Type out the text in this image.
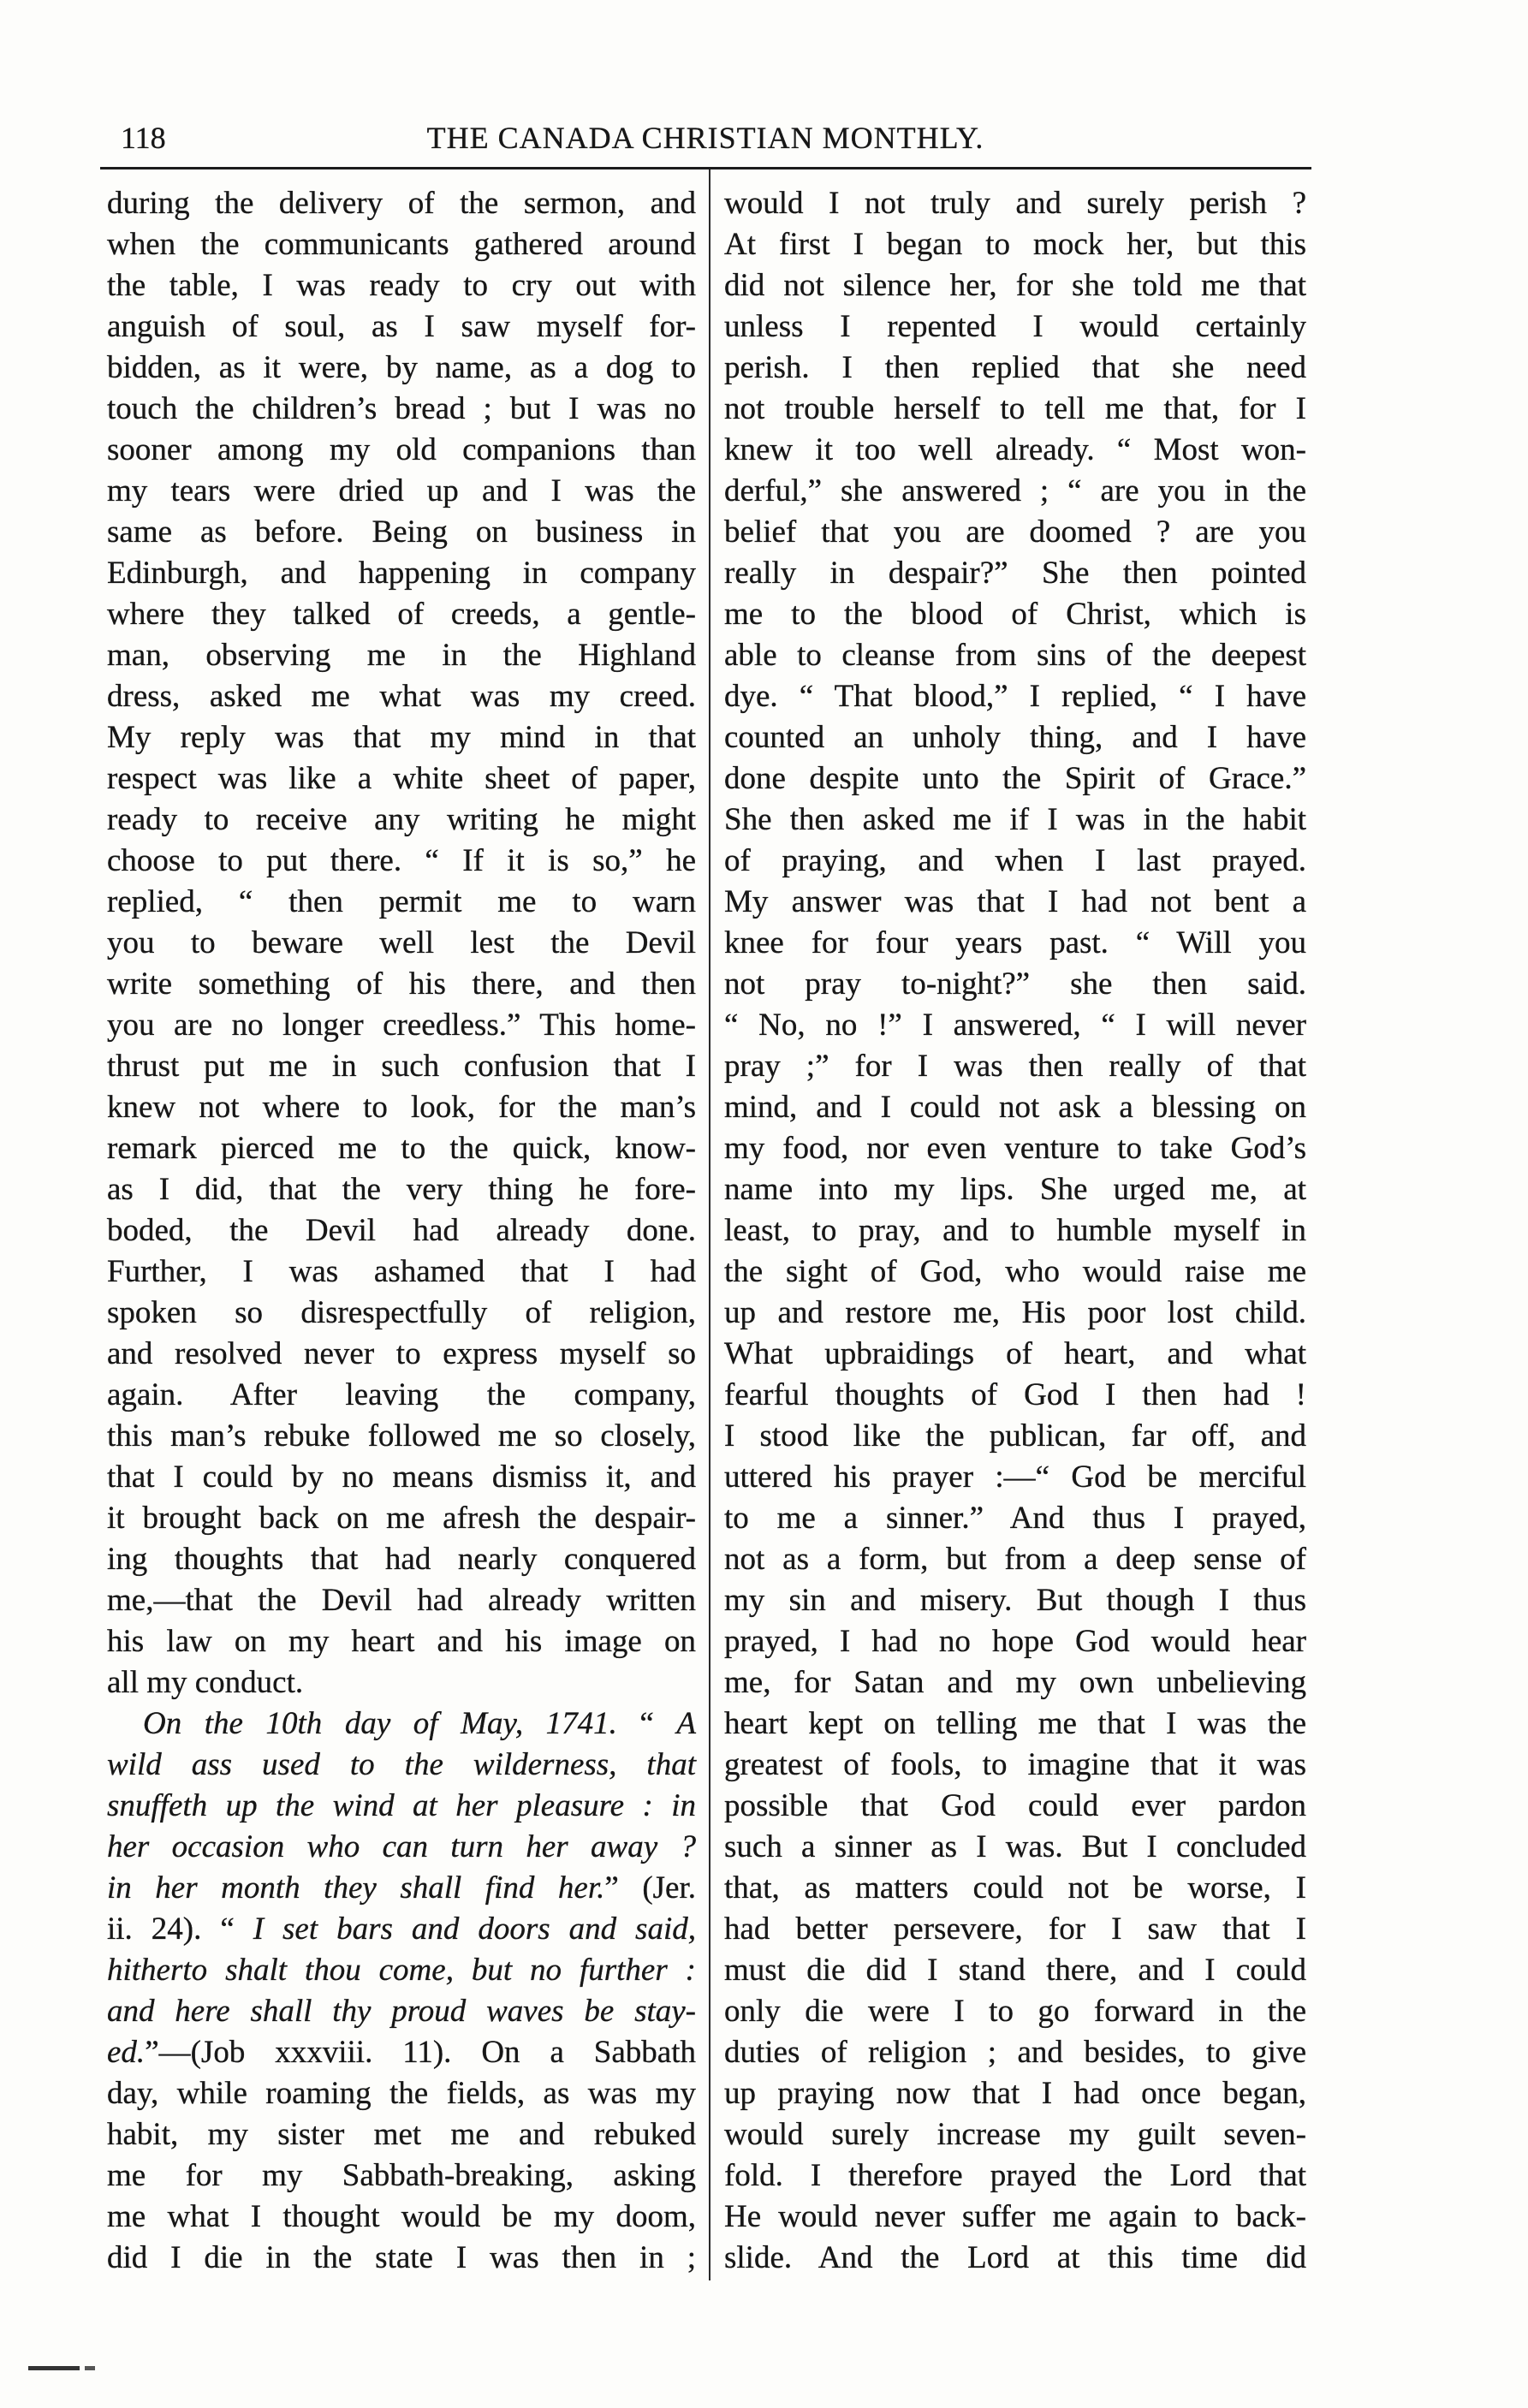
118	THE CANADA CHRISTIAN MONTHLY.
during the delivery of the sermon, and
when the communicants gathered around
the table, I was ready to cry out with
anguish of soul, as I saw myself for-
bidden, as it were, by name, as a dog to
touch the children’s bread ; but I was no
sooner among my old companions than
my tears were dried up and I was the
same as before. Being on business in
Edinburgh, and happening in company
where they talked of creeds, a gentle-
man, observing me in the Highland
dress, asked me what was my creed.
My reply was that my mind in that
respect was like a white sheet of paper,
ready to receive any writing he might
choose to put there. “ If it is so,” he
replied, “ then permit me to warn
you to beware well lest the Devil
write something of his there, and then
you are no longer creedless.” This home-
thrust put me in such confusion that I
knew not where to look, for the man’s
remark pierced me to the quick, know-
as I did, that the very thing he fore-
boded, the Devil had already done.
Further, I was ashamed that I had
spoken so disrespectfully of religion,
and resolved never to express myself so
again. After leaving the company,
this man’s rebuke followed me so closely,
that I could by no means dismiss it, and
it brought back on me afresh the despair-
ing thoughts that had nearly conquered
me,—that the Devil had already written
his law on my heart and his image on
all my conduct.
On the 10th day of May, 1741. “ A
wild ass used to the wilderness, that
snuffeth up the wind at her pleasure : in
her occasion who can turn her away ?
in her month they shall find her.” (Jer.
ii. 24). “ I set bars and doors and said,
hitherto shalt thou come, but no further :
and here shall thy proud waves be stay-
ed.”—(Job xxxviii. 11). On a Sabbath
day, while roaming the fields, as was my
habit, my sister met me and rebuked
me for my Sabbath-breaking, asking
me what I thought would be my doom,
did I die in the state I was then in ;
would I not truly and surely perish ?
At first I began to mock her, but this
did not silence her, for she told me that
unless I repented I would certainly
perish. I then replied that she need
not trouble herself to tell me that, for I
knew it too well already. “ Most won-
derful,” she answered ; “ are you in the
belief that you are doomed ? are you
really in despair?” She then pointed
me to the blood of Christ, which is
able to cleanse from sins of the deepest
dye. “ That blood,” I replied, “ I have
counted an unholy thing, and I have
done despite unto the Spirit of Grace.”
She then asked me if I was in the habit
of praying, and when I last prayed.
My answer was that I had not bent a
knee for four years past. “ Will you
not pray to-night?” she then said.
“ No, no !” I answered, “ I will never
pray ;” for I was then really of that
mind, and I could not ask a blessing on
my food, nor even venture to take God’s
name into my lips. She urged me, at
least, to pray, and to humble myself in
the sight of God, who would raise me
up and restore me, His poor lost child.
What upbraidings of heart, and what
fearful thoughts of God I then had !
I stood like the publican, far off, and
uttered his prayer :—“ God be merciful
to me a sinner.” And thus I prayed,
not as a form, but from a deep sense of
my sin and misery. But though I thus
prayed, I had no hope God would hear
me, for Satan and my own unbelieving
heart kept on telling me that I was the
greatest of fools, to imagine that it was
possible that God could ever pardon
such a sinner as I was. But I concluded
that, as matters could not be worse, I
had better persevere, for I saw that I
must die did I stand there, and I could
only die were I to go forward in the
duties of religion ; and besides, to give
up praying now that I had once began,
would surely increase my guilt seven-
fold. I therefore prayed the Lord that
He would never suffer me again to back-
slide. And the Lord at this time did
